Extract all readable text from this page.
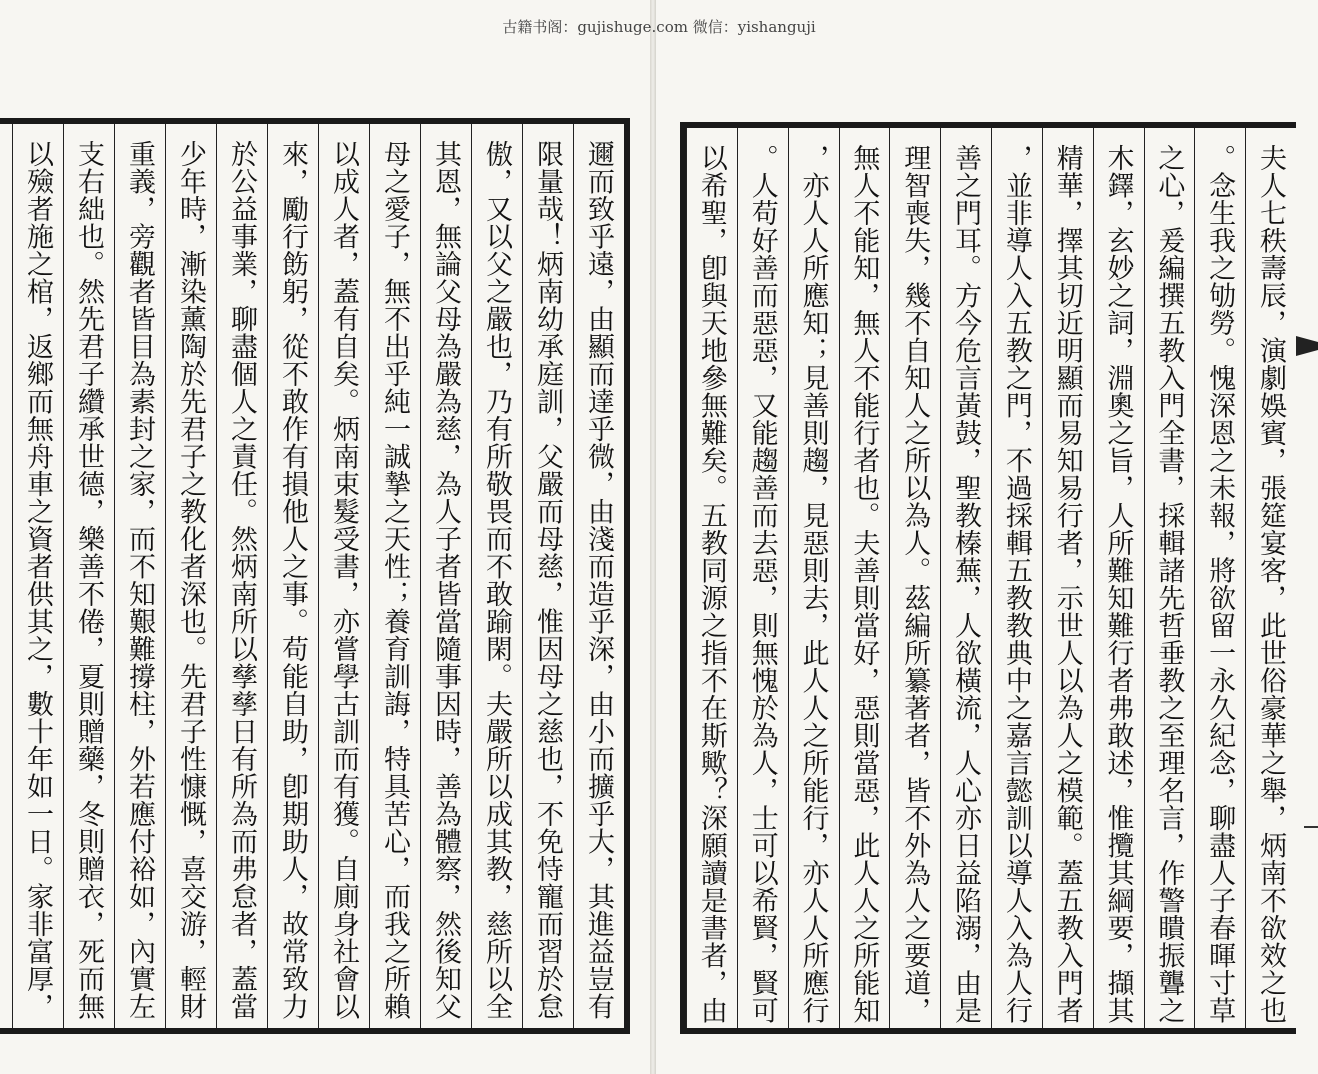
古籍书阁：gujishuge.com 微信：yishanguji
夫人七秩壽辰，演劇娛賓，張筵宴客，此世俗豪華之舉，炳南不欲效之也
。念生我之劬勞。愧深恩之未報，將欲留一永久紀念，聊盡人子春暉寸草
之心，爰編撰五教入門全書，採輯諸先哲垂教之至理名言，作警瞶振聾之
木鐸，玄妙之詞，淵奧之旨，人所難知難行者弗敢述，惟攬其綱要，擷其
精華，擇其切近明顯而易知易行者，示世人以為人之模範。蓋五教入門者
，並非導人入五教之門，不過採輯五教教典中之嘉言懿訓以導人入為人行
善之門耳。方今危言黃鼓，聖教榛蕪，人欲橫流，人心亦日益陷溺，由是
理智喪失，幾不自知人之所以為人。茲編所纂著者，皆不外為人之要道，
無人不能知，無人不能行者也。夫善則當好，惡則當惡，此人人之所能知
，亦人人所應知；見善則趨，見惡則去，此人人之所能行，亦人人所應行
。人苟好善而惡惡，又能趨善而去惡，則無愧於為人，士可以希賢，賢可
以希聖，卽與天地參無難矣。五教同源之指不在斯歟？深願讀是書者，由
邇而致乎遠，由顯而達乎微，由淺而造乎深，由小而擴乎大，其進益豈有
限量哉！炳南幼承庭訓，父嚴而母慈，惟因母之慈也，不免恃寵而習於怠
傲，又以父之嚴也，乃有所敬畏而不敢踰閑。夫嚴所以成其教，慈所以全
其恩，無論父母為嚴為慈，為人子者皆當隨事因時，善為體察，然後知父
母之愛子，無不出乎純一誠摯之天性；養育訓誨，特具苦心，而我之所賴
以成人者，蓋有自矣。炳南束髮受書，亦嘗學古訓而有獲。自廁身社會以
來，勵行飭躬，從不敢作有損他人之事。苟能自助，卽期助人，故常致力
於公益事業，聊盡個人之責任。然炳南所以孳孳日有所為而弗怠者，蓋當
少年時，漸染薰陶於先君子之教化者深也。先君子性慷慨，喜交游，輕財
重義，旁觀者皆目為素封之家，而不知艱難撐柱，外若應付裕如，內實左
支右絀也。然先君子纘承世德，樂善不倦，夏則贈藥，冬則贈衣，死而無
以殮者施之棺，返鄉而無舟車之資者供其之，數十年如一日。家非富厚，
